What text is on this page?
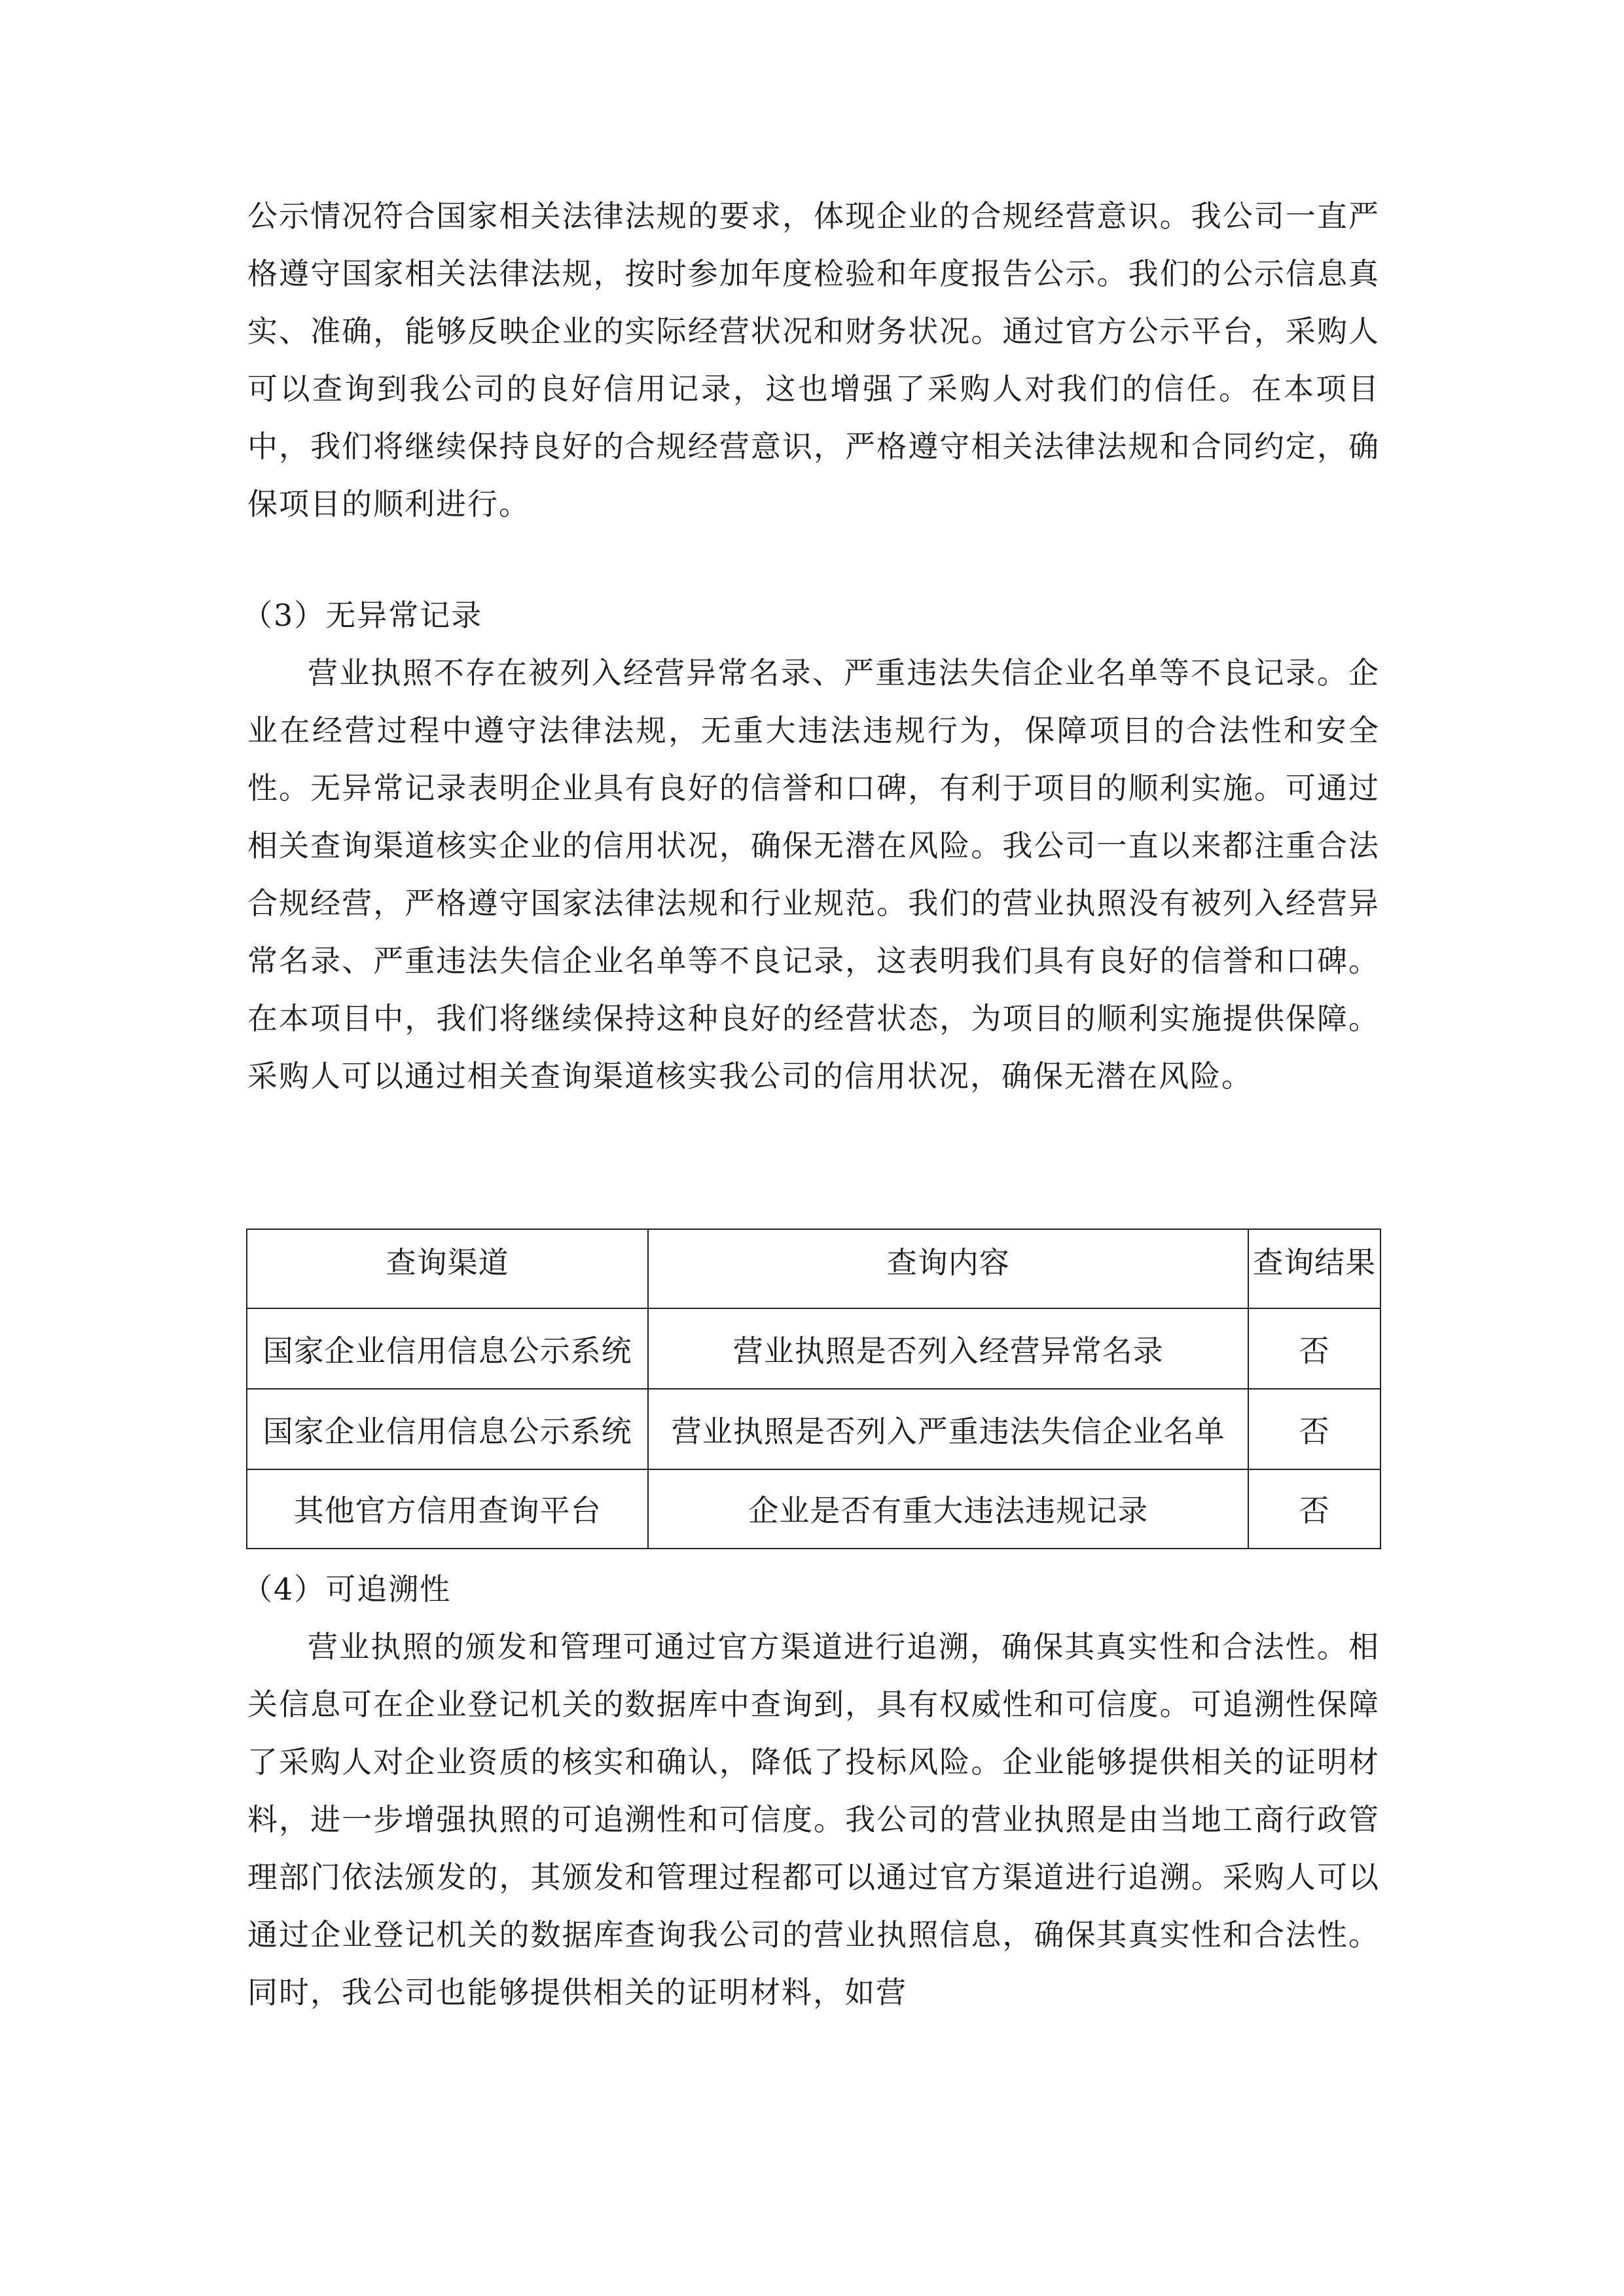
公示情况符合国家相关法律法规的要求，体现企业的合规经营意识。我公司一直严格遵守国家相关法律法规，按时参加年度检验和年度报告公示。我们的公示信息真实、准确，能够反映企业的实际经营状况和财务状况。通过官方公示平台，采购人可以查询到我公司的良好信用记录，这也增强了采购人对我们的信任。在本项目中，我们将继续保持良好的合规经营意识，严格遵守相关法律法规和合同约定，确保项目的顺利进行。

（3）无异常记录

营业执照不存在被列入经营异常名录、严重违法失信企业名单等不良记录。企业在经营过程中遵守法律法规，无重大违法违规行为，保障项目的合法性和安全性。无异常记录表明企业具有良好的信誉和口碑，有利于项目的顺利实施。可通过相关查询渠道核实企业的信用状况，确保无潜在风险。我公司一直以来都注重合法合规经营，严格遵守国家法律法规和行业规范。我们的营业执照没有被列入经营异常名录、严重违法失信企业名单等不良记录，这表明我们具有良好的信誉和口碑。在本项目中，我们将继续保持这种良好的经营状态，为项目的顺利实施提供保障。采购人可以通过相关查询渠道核实我公司的信用状况，确保无潜在风险。

查询渠道	查询内容	查询结果
国家企业信用信息公示系统	营业执照是否列入经营异常名录	否
国家企业信用信息公示系统	营业执照是否列入严重违法失信企业名单	否
其他官方信用查询平台	企业是否有重大违法违规记录	否

（4）可追溯性

营业执照的颁发和管理可通过官方渠道进行追溯，确保其真实性和合法性。相关信息可在企业登记机关的数据库中查询到，具有权威性和可信度。可追溯性保障了采购人对企业资质的核实和确认，降低了投标风险。企业能够提供相关的证明材料，进一步增强执照的可追溯性和可信度。我公司的营业执照是由当地工商行政管理部门依法颁发的，其颁发和管理过程都可以通过官方渠道进行追溯。采购人可以通过企业登记机关的数据库查询我公司的营业执照信息，确保其真实性和合法性。同时，我公司也能够提供相关的证明材料，如营
